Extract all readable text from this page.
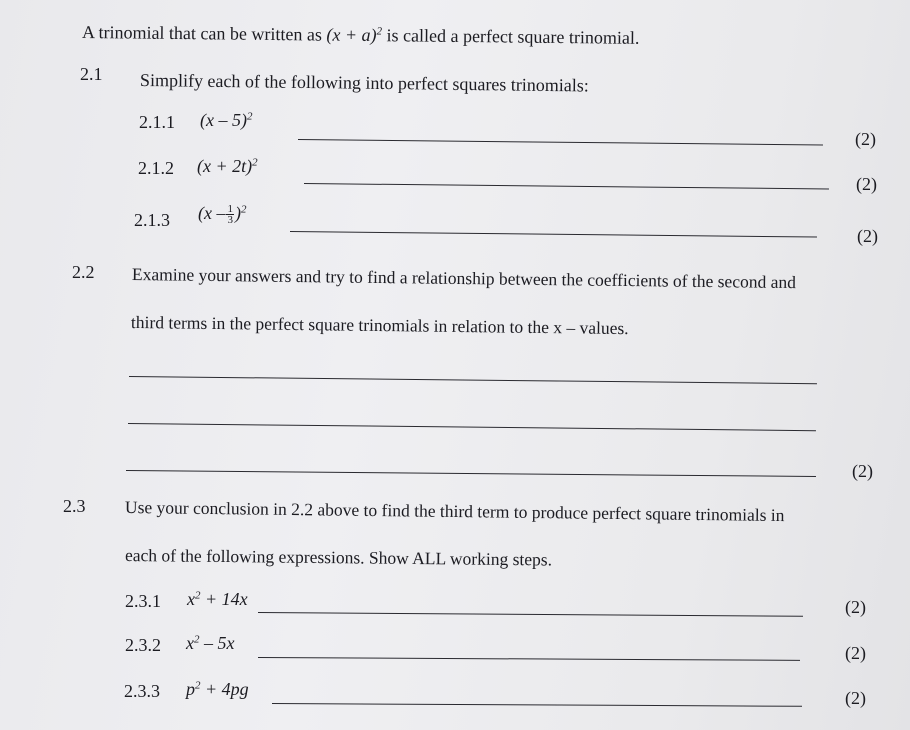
A trinomial that can be written as $(x + a)^2$ is called a perfect square trinomial.
2.1 Simplify each of the following into perfect squares trinomials:
2.1.1 (x – 5)$^2$
(2)
2.1.2 $(x + 2t)^2$
(2)
2.1.3 $(x - \frac{1}{3} )^2$
(2)
2.2 Examine your answers and try to find a relationship between the coefficients of the second and
third terms in the perfect square trinomials in relation to the x – values.
(2)
2.3 Use your conclusion in 2.2 above to find the third term to produce perfect square trinomials in
each of the following expressions. Show ALL working steps.
2.3.1 $x^2 + 14x$	(2)
2.3.2 $x^2 - 5x$	(2)
2.3.3 $p^2 + 4pg$	(2)
